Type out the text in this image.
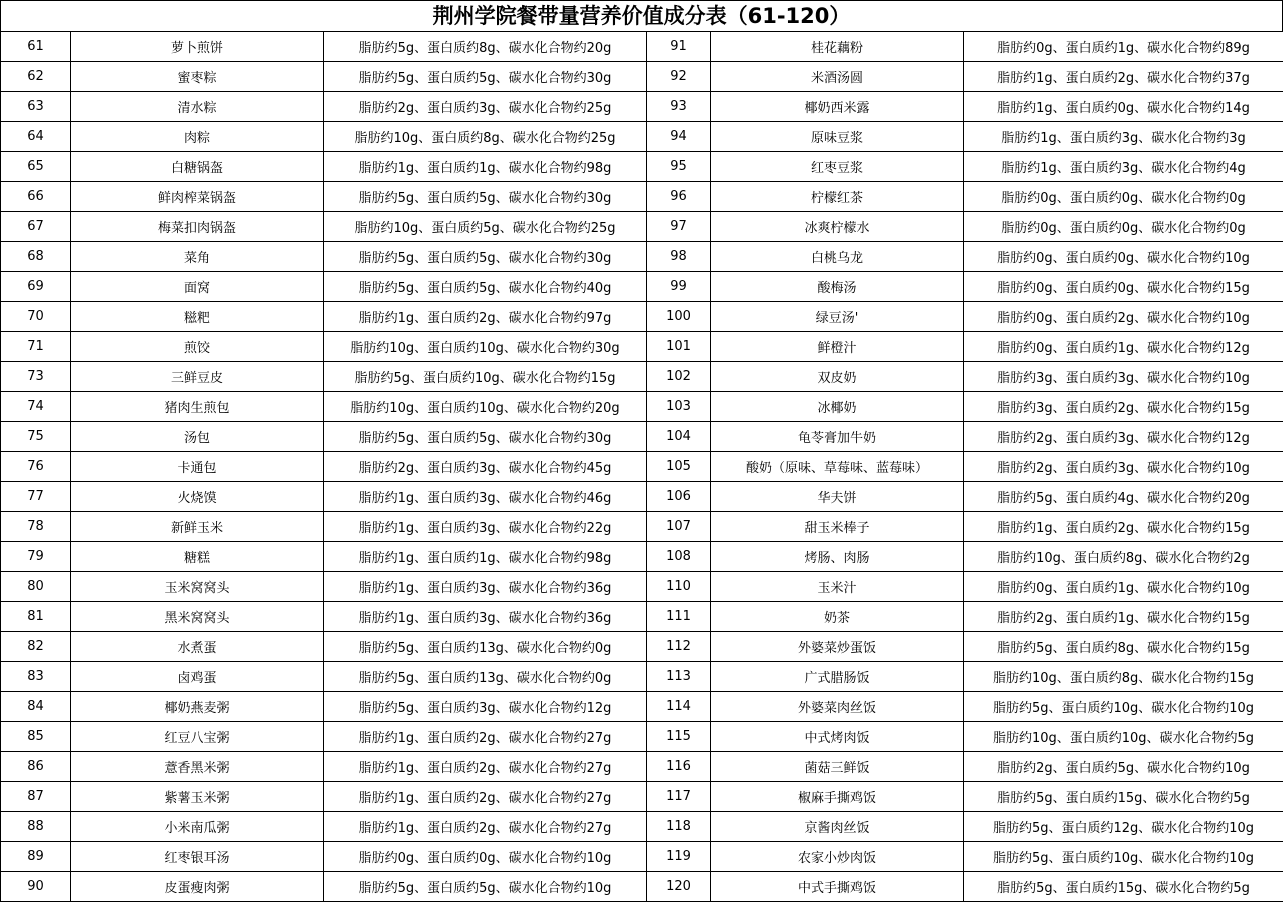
荆州学院餐带量营养价值成分表（61-120）
61	萝卜煎饼	脂肪约5g、蛋白质约8g、碳水化合物约20g	91	桂花藕粉	脂肪约0g、蛋白质约1g、碳水化合物约89g
62	蜜枣粽	脂肪约5g、蛋白质约5g、碳水化合物约30g	92	米酒汤圆	脂肪约1g、蛋白质约2g、碳水化合物约37g
63	清水粽	脂肪约2g、蛋白质约3g、碳水化合物约25g	93	椰奶西米露	脂肪约1g、蛋白质约0g、碳水化合物约14g
64	肉粽	脂肪约10g、蛋白质约8g、碳水化合物约25g	94	原味豆浆	脂肪约1g、蛋白质约3g、碳水化合物约3g
65	白糖锅盔	脂肪约1g、蛋白质约1g、碳水化合物约98g	95	红枣豆浆	脂肪约1g、蛋白质约3g、碳水化合物约4g
66	鲜肉榨菜锅盔	脂肪约5g、蛋白质约5g、碳水化合物约30g	96	柠檬红茶	脂肪约0g、蛋白质约0g、碳水化合物约0g
67	梅菜扣肉锅盔	脂肪约10g、蛋白质约5g、碳水化合物约25g	97	冰爽柠檬水	脂肪约0g、蛋白质约0g、碳水化合物约0g
68	菜角	脂肪约5g、蛋白质约5g、碳水化合物约30g	98	白桃乌龙	脂肪约0g、蛋白质约0g、碳水化合物约10g
69	面窝	脂肪约5g、蛋白质约5g、碳水化合物约40g	99	酸梅汤	脂肪约0g、蛋白质约0g、碳水化合物约15g
70	糍粑	脂肪约1g、蛋白质约2g、碳水化合物约97g	100	绿豆汤'	脂肪约0g、蛋白质约2g、碳水化合物约10g
71	煎饺	脂肪约10g、蛋白质约10g、碳水化合物约30g	101	鲜橙汁	脂肪约0g、蛋白质约1g、碳水化合物约12g
73	三鲜豆皮	脂肪约5g、蛋白质约10g、碳水化合物约15g	102	双皮奶	脂肪约3g、蛋白质约3g、碳水化合物约10g
74	猪肉生煎包	脂肪约10g、蛋白质约10g、碳水化合物约20g	103	冰椰奶	脂肪约3g、蛋白质约2g、碳水化合物约15g
75	汤包	脂肪约5g、蛋白质约5g、碳水化合物约30g	104	龟苓膏加牛奶	脂肪约2g、蛋白质约3g、碳水化合物约12g
76	卡通包	脂肪约2g、蛋白质约3g、碳水化合物约45g	105	酸奶（原味、草莓味、蓝莓味）	脂肪约2g、蛋白质约3g、碳水化合物约10g
77	火烧馍	脂肪约1g、蛋白质约3g、碳水化合物约46g	106	华夫饼	脂肪约5g、蛋白质约4g、碳水化合物约20g
78	新鲜玉米	脂肪约1g、蛋白质约3g、碳水化合物约22g	107	甜玉米棒子	脂肪约1g、蛋白质约2g、碳水化合物约15g
79	糖糕	脂肪约1g、蛋白质约1g、碳水化合物约98g	108	烤肠、肉肠	脂肪约10g、蛋白质约8g、碳水化合物约2g
80	玉米窝窝头	脂肪约1g、蛋白质约3g、碳水化合物约36g	110	玉米汁	脂肪约0g、蛋白质约1g、碳水化合物约10g
81	黑米窝窝头	脂肪约1g、蛋白质约3g、碳水化合物约36g	111	奶茶	脂肪约2g、蛋白质约1g、碳水化合物约15g
82	水煮蛋	脂肪约5g、蛋白质约13g、碳水化合物约0g	112	外婆菜炒蛋饭	脂肪约5g、蛋白质约8g、碳水化合物约15g
83	卤鸡蛋	脂肪约5g、蛋白质约13g、碳水化合物约0g	113	广式腊肠饭	脂肪约10g、蛋白质约8g、碳水化合物约15g
84	椰奶燕麦粥	脂肪约5g、蛋白质约3g、碳水化合物约12g	114	外婆菜肉丝饭	脂肪约5g、蛋白质约10g、碳水化合物约10g
85	红豆八宝粥	脂肪约1g、蛋白质约2g、碳水化合物约27g	115	中式烤肉饭	脂肪约10g、蛋白质约10g、碳水化合物约5g
86	薏香黑米粥	脂肪约1g、蛋白质约2g、碳水化合物约27g	116	菌菇三鲜饭	脂肪约2g、蛋白质约5g、碳水化合物约10g
87	紫薯玉米粥	脂肪约1g、蛋白质约2g、碳水化合物约27g	117	椒麻手撕鸡饭	脂肪约5g、蛋白质约15g、碳水化合物约5g
88	小米南瓜粥	脂肪约1g、蛋白质约2g、碳水化合物约27g	118	京酱肉丝饭	脂肪约5g、蛋白质约12g、碳水化合物约10g
89	红枣银耳汤	脂肪约0g、蛋白质约0g、碳水化合物约10g	119	农家小炒肉饭	脂肪约5g、蛋白质约10g、碳水化合物约10g
90	皮蛋瘦肉粥	脂肪约5g、蛋白质约5g、碳水化合物约10g	120	中式手撕鸡饭	脂肪约5g、蛋白质约15g、碳水化合物约5g
